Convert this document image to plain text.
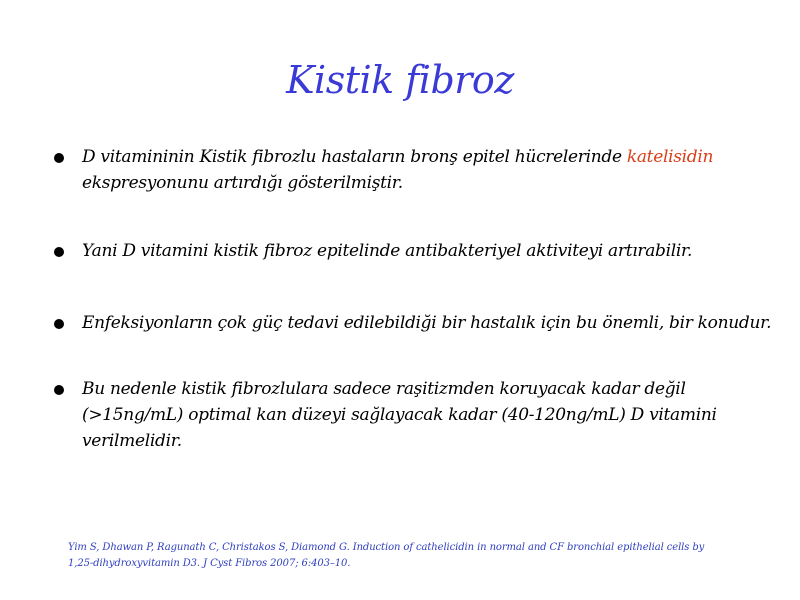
Kistik fibroz
D vitamininin Kistik fibrozlu hastaların bronş epitel hücrelerinde katelisidin ekspresyonunu artırdığı gösterilmiştir.
Yani D vitamini kistik fibroz epitelinde antibakteriyel aktiviteyi artırabilir.
Enfeksiyonların çok güç tedavi edilebildiği bir hastalık için bu önemli, bir konudur.
Bu nedenle kistik fibrozlulara sadece raşitizmden koruyacak kadar değil (>15ng/mL) optimal kan düzeyi sağlayacak kadar (40-120ng/mL) D vitamini verilmelidir.
Yim S, Dhawan P, Ragunath C, Christakos S, Diamond G. Induction of cathelicidin in normal and CF bronchial epithelial cells by 1,25-dihydroxyvitamin D3. J Cyst Fibros 2007; 6:403–10.
